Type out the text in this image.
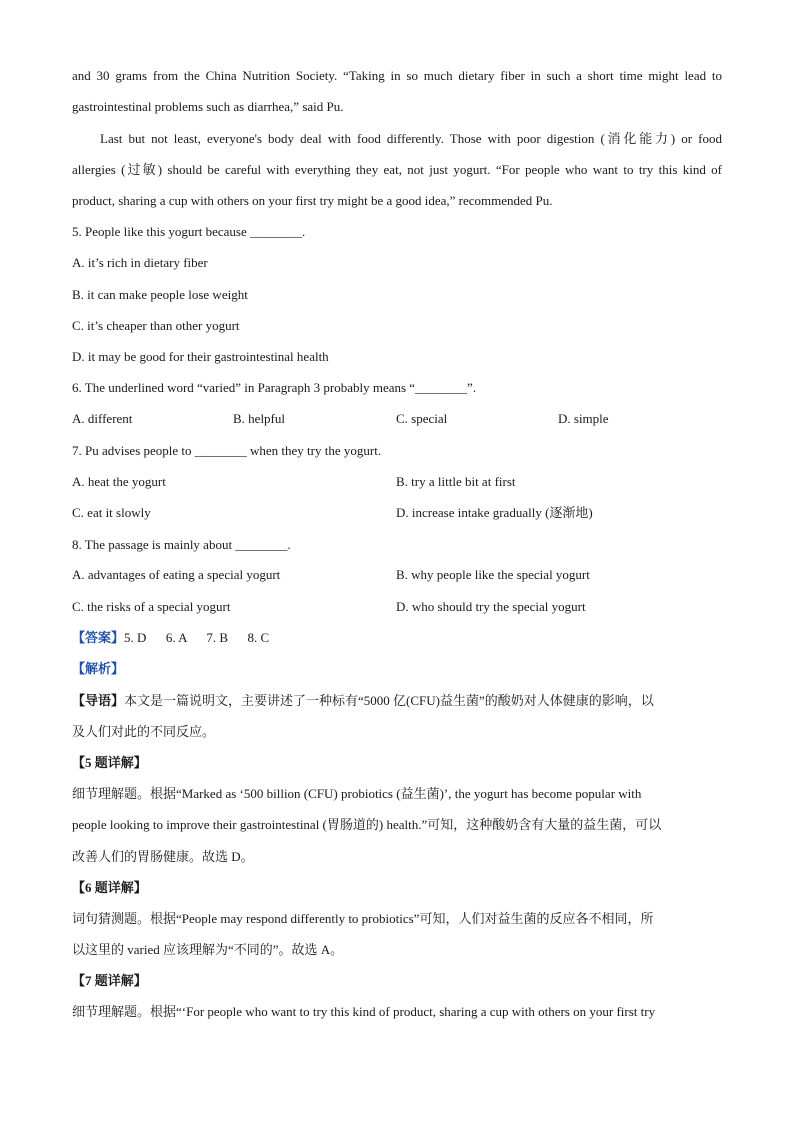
and 30 grams from the China Nutrition Society. “Taking in so much dietary fiber in such a short time might lead to
gastrointestinal problems such as diarrhea,” said Pu.
Last but not least, everyone's body deal with food differently. Those with poor digestion (消化能力) or food
allergies (过敏) should be careful with everything they eat, not just yogurt. “For people who want to try this kind of
product, sharing a cup with others on your first try might be a good idea,” recommended Pu.
5. People like this yogurt because ________.
A. it’s rich in dietary fiber
B. it can make people lose weight
C. it’s cheaper than other yogurt
D. it may be good for their gastrointestinal health
6. The underlined word “varied” in Paragraph 3 probably means “________”.
A. different	B. helpful	C. special	D. simple
7. Pu advises people to ________ when they try the yogurt.
A. heat the yogurt	B. try a little bit at first
C. eat it slowly	D. increase intake gradually (逐渐地)
8. The passage is mainly about ________.
A. advantages of eating a special yogurt	B. why people like the special yogurt
C. the risks of a special yogurt	D. who should try the special yogurt
【答案】5. D      6. A      7. B      8. C
【解析】
【导语】本文是一篇说明文，主要讲述了一种标有“5000 亿(CFU)益生菌”的酸奶对人体健康的影响，以
及人们对此的不同反应。
【5 题详解】
细节理解题。根据“Marked as ‘500 billion (CFU) probiotics (益生菌)’, the yogurt has become popular with
people looking to improve their gastrointestinal (胃肠道的) health.”可知，这种酸奶含有大量的益生菌，可以
改善人们的胃肠健康。故选 D。
【6 题详解】
词句猜测题。根据“People may respond differently to probiotics”可知，人们对益生菌的反应各不相同，所
以这里的 varied 应该理解为“不同的”。故选 A。
【7 题详解】
细节理解题。根据“‘For people who want to try this kind of product, sharing a cup with others on your first try
